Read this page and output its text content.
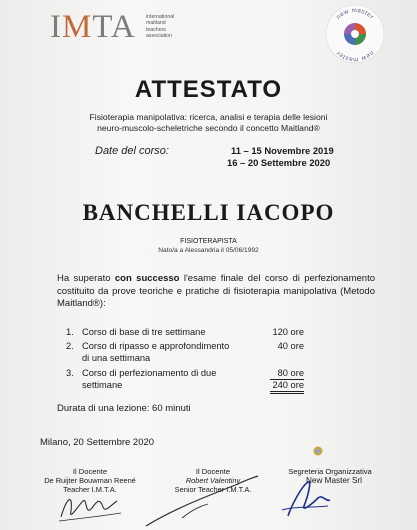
IMTA international
maitland
teachers
association
new master
new master
ATTESTATO
Fisioterapia manipolativa: ricerca, analisi e terapia delle lesioni
neuro-muscolo-scheletriche secondo il concetto Maitland®
Date del corso:	11 – 15 Novembre 2019
16 – 20 Settembre 2020
BANCHELLI IACOPO
FISIOTERAPISTA
Nato/a a Alessandria il 05/06/1992
Ha superato con successo l'esame finale del corso di perfezionamento costituito da prove teoriche e pratiche di fisioterapia manipolativa (Metodo Maitland®):
1. Corso di base di tre settimane	120 ore
2. Corso di ripasso e approfondimento
di una settimana
40 ore
3. Corso di perfezionamento di due
settimane
80 ore
240 ore
Durata di una lezione: 60 minuti
Milano, 20 Settembre 2020
Il Docente
De Ruijter Bouwman Reené
Teacher I.M.T.A.
Il Docente
Robert Valentiny
Senior Teacher I.M.T.A.
Segreteria Organizzativa
New Master Srl
